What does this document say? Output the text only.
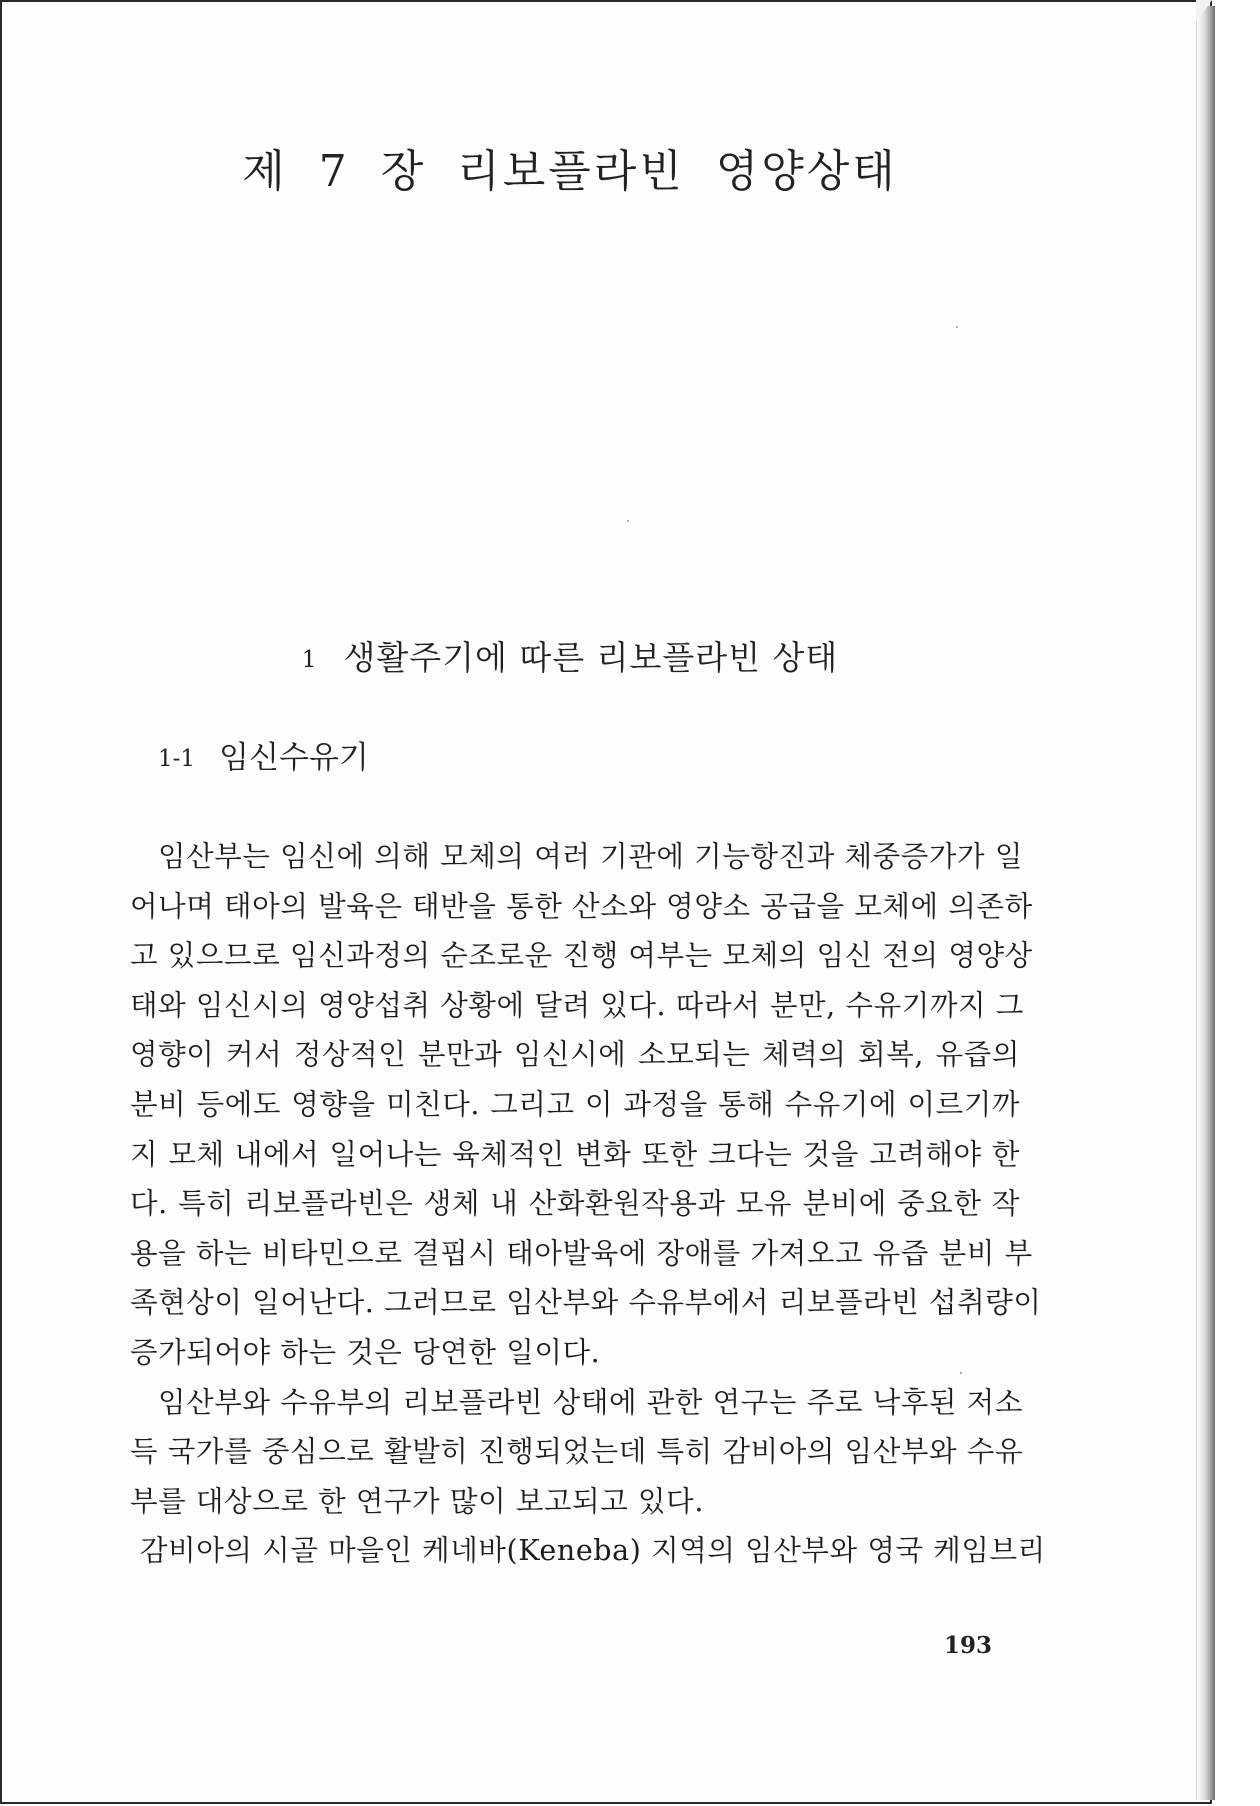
제 7 장 리보플라빈 영양상태
1 생활주기에 따른 리보플라빈 상태
1-1 임신수유기
임산부는 임신에 의해 모체의 여러 기관에 기능항진과 체중증가가 일
어나며 태아의 발육은 태반을 통한 산소와 영양소 공급을 모체에 의존하
고 있으므로 임신과정의 순조로운 진행 여부는 모체의 임신 전의 영양상
태와 임신시의 영양섭취 상황에 달려 있다. 따라서 분만, 수유기까지 그
영향이 커서 정상적인 분만과 임신시에 소모되는 체력의 회복, 유즙의
분비 등에도 영향을 미친다. 그리고 이 과정을 통해 수유기에 이르기까
지 모체 내에서 일어나는 육체적인 변화 또한 크다는 것을 고려해야 한
다. 특히 리보플라빈은 생체 내 산화환원작용과 모유 분비에 중요한 작
용을 하는 비타민으로 결핍시 태아발육에 장애를 가져오고 유즙 분비 부
족현상이 일어난다. 그러므로 임산부와 수유부에서 리보플라빈 섭취량이
증가되어야 하는 것은 당연한 일이다.
임산부와 수유부의 리보플라빈 상태에 관한 연구는 주로 낙후된 저소
득 국가를 중심으로 활발히 진행되었는데 특히 감비아의 임산부와 수유
부를 대상으로 한 연구가 많이 보고되고 있다.
감비아의 시골 마을인 케네바(Keneba) 지역의 임산부와 영국 케임브리
193
